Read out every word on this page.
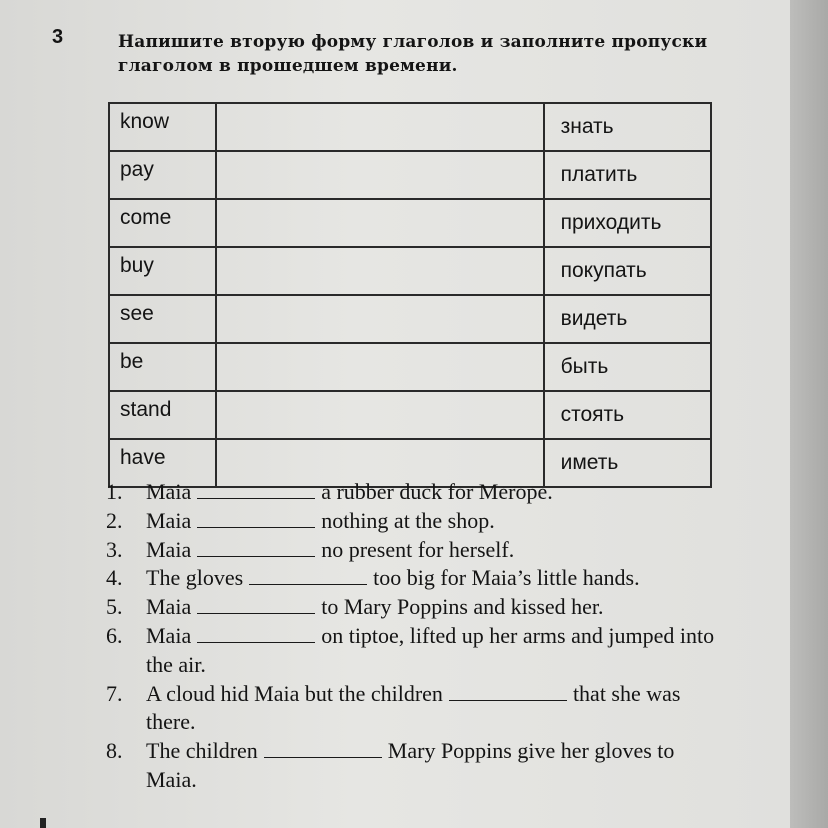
3	Напишите вторую форму глаголов и заполните пропуски глаголом в прошедшем времени.
know		знать
pay		платить
come		приходить
buy		покупать
see		видеть
be		быть
stand		стоять
have		иметь
1.	Maia	a rubber duck for Merope.
2.	Maia	nothing at the shop.
3.	Maia	no present for herself.
4.	The gloves	too big for Maia’s little hands.
5.	Maia	to Mary Poppins and kissed her.
6.	Maia	on tiptoe, lifted up her arms and jumped into the air.
7.	A cloud hid Maia but the children	that she was there.
8.	The children	Mary Poppins give her gloves to Maia.
